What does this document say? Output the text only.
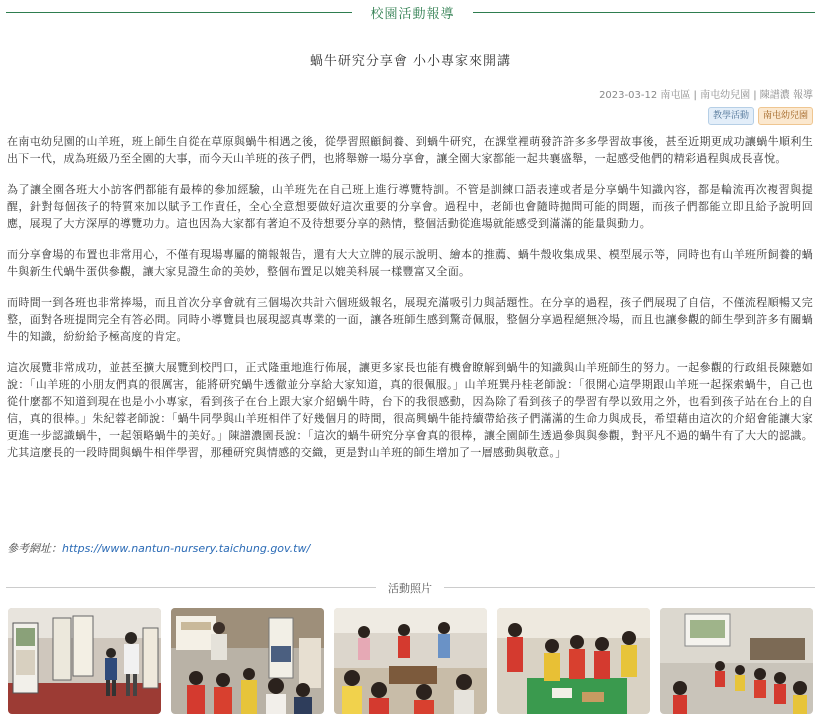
校園活動報導
蝸牛研究分享會 小小專家來開講
2023-03-12 南屯區 | 南屯幼兒園 | 陳譜濃 報導
教學活動	南屯幼兒園

在南屯幼兒園的山羊班，班上師生自從在草原與蝸牛相遇之後，從學習照顧飼養、到蝸牛研究，在課堂裡萌發許許多多學習故事後，甚至近期更成功讓蝸牛順利生出下一代，成為班級乃至全園的大事，而今天山羊班的孩子們，也將舉辦一場分享會，讓全園大家都能一起共襄盛舉，一起感受他們的精彩過程與成長喜悅。

為了讓全園各班大小訪客們都能有最棒的參加經驗，山羊班先在自己班上進行導覽特訓。不管是訓練口語表達或者是分享蝸牛知識內容，都是輪流再次複習與提醒，針對每個孩子的特質來加以賦予工作責任，全心全意想要做好這次重要的分享會。過程中，老師也會隨時拋問可能的問題，而孩子們都能立即且給予說明回應，展現了大方深厚的導覽功力。這也因為大家都有著迫不及待想要分享的熱情，整個活動從進場就能感受到滿滿的能量與動力。

而分享會場的布置也非常用心，不僅有現場專屬的簡報報告，還有大大立牌的展示說明、繪本的推薦、蝸牛殼收集成果、模型展示等，同時也有山羊班所飼養的蝸牛與新生代蝸牛蛋供參觀，讓大家見證生命的美妙，整個布置足以媲美科展一樣豐富又全面。

而時間一到各班也非常捧場，而且首次分享會就有三個場次共計六個班級報名，展現充滿吸引力與話題性。在分享的過程，孩子們展現了自信，不僅流程順暢又完整，面對各班提問完全有答必問。同時小導覽員也展現認真專業的一面，讓各班師生感到驚奇佩服，整個分享過程絕無冷場，而且也讓參觀的師生學到許多有關蝸牛的知識，紛紛給予極高度的肯定。

這次展覽非常成功，並甚至擴大展覽到校門口，正式隆重地進行佈展，讓更多家長也能有機會瞭解到蝸牛的知識與山羊班師生的努力。一起參觀的行政組長陳聽如說：「山羊班的小朋友們真的很厲害，能將研究蝸牛透徹並分享給大家知道，真的很佩服。」山羊班巽丹桂老師說：「很開心這學期跟山羊班一起探索蝸牛，自己也從什麼都不知道到現在也是小小專家，看到孩子在台上跟大家介紹蝸牛時，台下的我很感動，因為除了看到孩子的學習有學以致用之外，也看到孩子站在台上的自信，真的很棒。」朱紀蓉老師說：「蝸牛同學與山羊班相伴了好幾個月的時間，很高興蝸牛能持續帶給孩子們滿滿的生命力與成長，希望藉由這次的介紹會能讓大家更進一步認識蝸牛，一起領略蝸牛的美好。」陳譜濃園長說：「這次的蝸牛研究分享會真的很棒，讓全園師生透過參與與參觀，對平凡不過的蝸牛有了大大的認識。尤其這麼長的一段時間與蝸牛相伴學習，那種研究與情感的交織，更是對山羊班的師生增加了一層感動與敬意。」

參考網址：https://www.nantun-nursery.taichung.gov.tw/
活動照片
